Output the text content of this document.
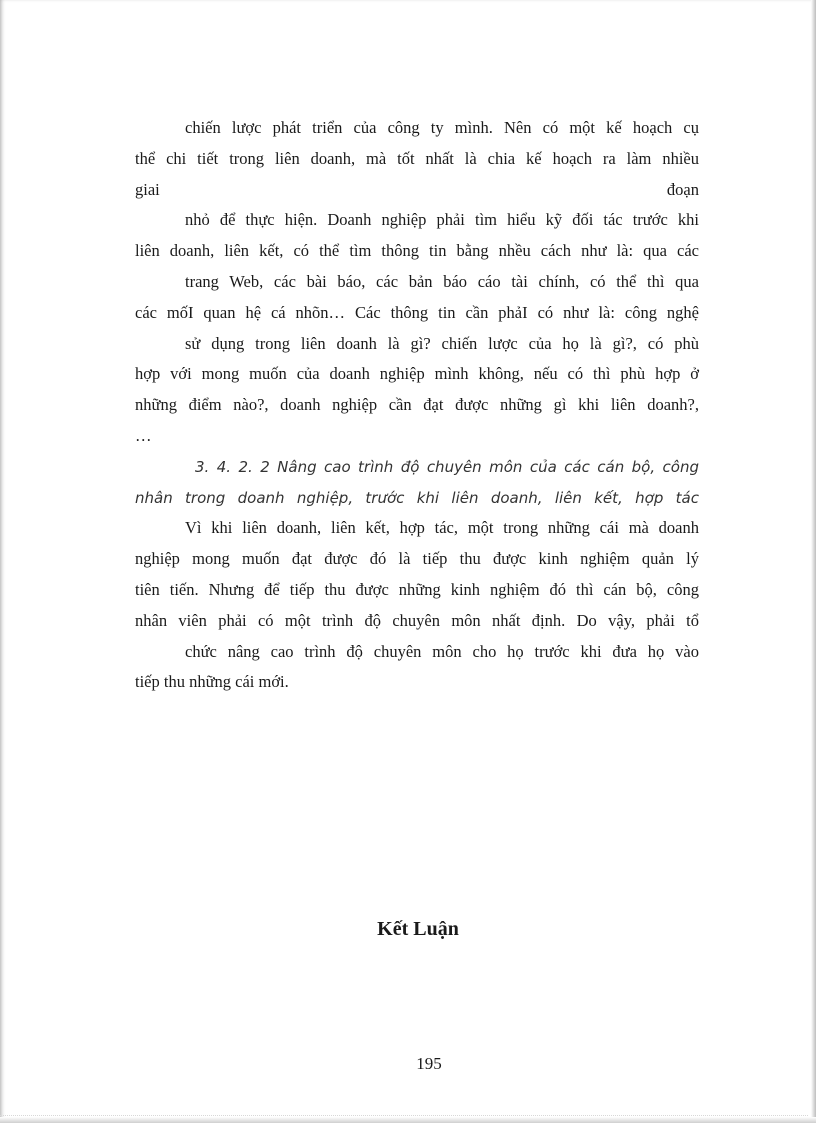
chiến lược phát triển của công ty mình. Nên có một kế hoạch cụ
thể chi tiết trong liên doanh, mà tốt nhất là chia kế hoạch ra làm nhiều
giai đoạn
nhỏ để thực hiện. Doanh nghiệp phải tìm hiểu kỹ đối tác trước khi
liên doanh, liên kết, có thể tìm thông tin bằng nhều cách như là: qua các
trang Web, các bài báo, các bản báo cáo tài chính, có thể thì qua
các mốI quan hệ cá nhõn… Các thông tin cần phảI có như là: công nghệ
sử dụng trong liên doanh là gì? chiến lược của họ là gì?, có phù
hợp với mong muốn của doanh nghiệp mình không, nếu có thì phù hợp ở
những điểm nào?, doanh nghiệp cần đạt được những gì khi liên doanh?,
…
3. 4. 2. 2 Nâng cao trình độ chuyên môn của các cán bộ, công
nhân trong doanh nghiệp, trước khi liên doanh, liên kết, hợp tác
Vì khi liên doanh, liên kết, hợp tác, một trong những cái mà doanh
nghiệp mong muốn đạt được đó là tiếp thu được kinh nghiệm quản lý
tiên tiến. Nhưng để tiếp thu được những kinh nghiệm đó thì cán bộ, công
nhân viên phải có một trình độ chuyên môn nhất định. Do vậy, phải tổ
chức nâng cao trình độ chuyên môn cho họ trước khi đưa họ vào
tiếp thu những cái mới.
Kết Luận
195
